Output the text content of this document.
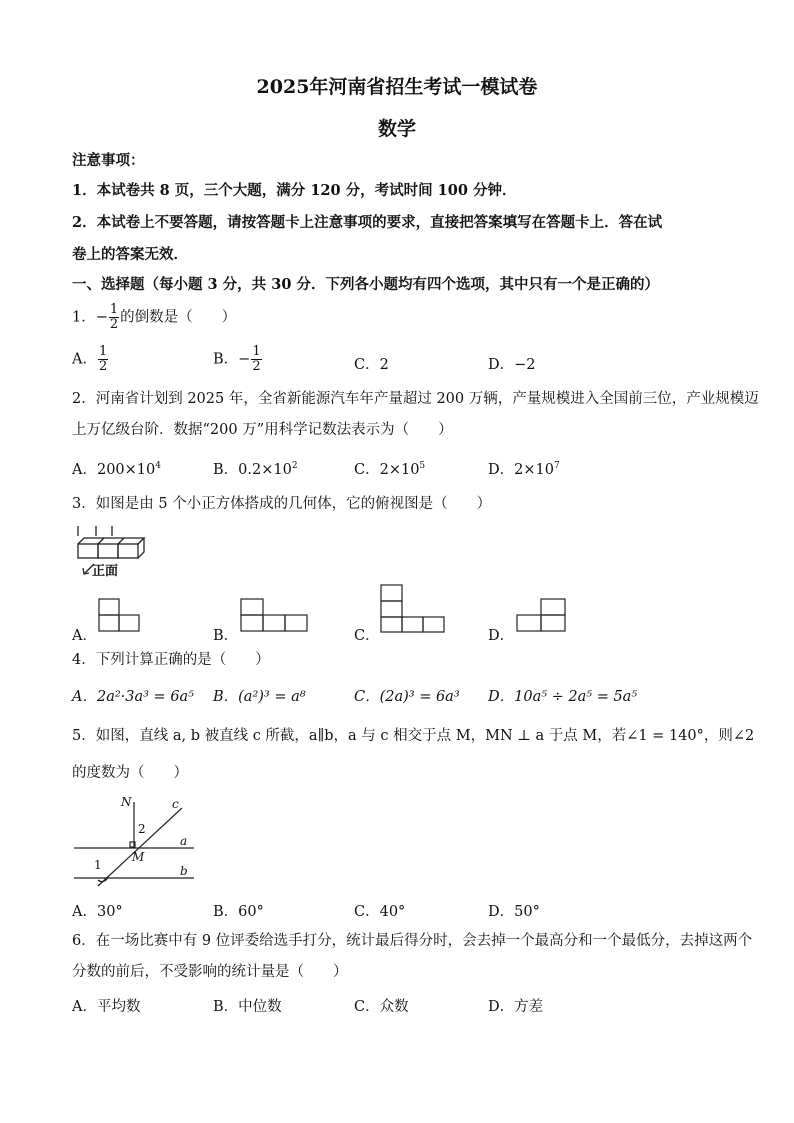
2025年河南省招生考试一模试卷
数学
注意事项：
1．本试卷共 8 页，三个大题，满分 120 分，考试时间 100 分钟．
2．本试卷上不要答题，请按答题卡上注意事项的要求，直接把答案填写在答题卡上．答在试
卷上的答案无效．
一、选择题（每小题 3 分，共 30 分．下列各小题均有四个选项，其中只有一个是正确的）
1．− $\frac{1}{2}$ 的倒数是（　　）
A． $\frac{1}{2}$	B．− $\frac{1}{2}$	C．2	D．−2
2．河南省计划到 2025 年，全省新能源汽车年产量超过 200 万辆，产量规模进入全国前三位，产业规模迈
上万亿级台阶．数据“200 万”用科学记数法表示为（　　）
A．$200\times 10^4$	B．$0.2\times 10^2$	C．$2\times 10^5$	D．$2\times 10^7$
3．如图是由 5 个小正方体搭成的几何体，它的俯视图是（　　）
正面
A．	B．	C．	D．
4．下列计算正确的是（　　）
A．2a²·3a³ = 6a⁵ B．(a²)³ = a⁸	C．(2a)³ = 6a³ D．10a⁵ ÷ 2a⁵ = 5a⁵
5．如图，直线 a, b 被直线 c 所截，a∥b，a 与 c 相交于点 M，MN ⊥ a 于点 M，若∠1 = 140°，则∠2
的度数为（　　）
N	c
2
a
M
1	b
A．30°	B．60°	C．40°	D．50°
6．在一场比赛中有 9 位评委给选手打分，统计最后得分时，会去掉一个最高分和一个最低分，去掉这两个
分数的前后，不受影响的统计量是（　　）
A．平均数	B．中位数	C．众数	D．方差
